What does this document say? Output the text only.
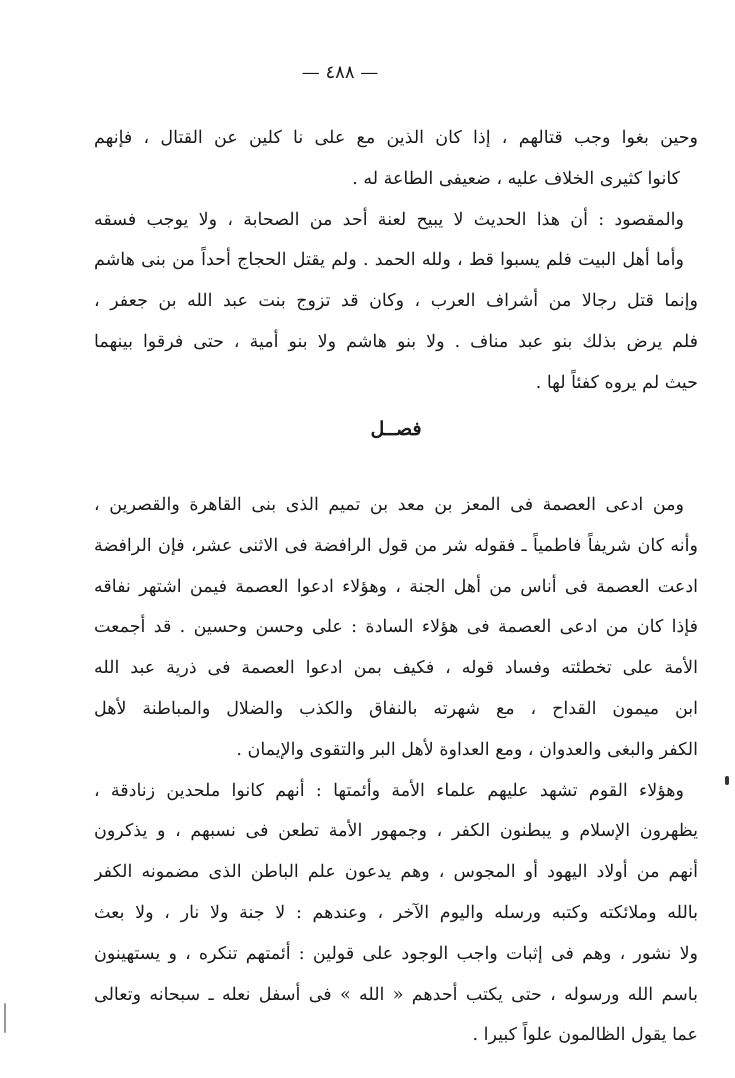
— ٤٨٨ —
وحين بغوا وجب قتالهم ، إذا كان الذين مع على نا كلين عن القتال ، فإنهم
كانوا كثيرى الخلاف عليه ، ضعيفى الطاعة له .
والمقصود : أن هذا الحديث لا يبيح لعنة أحد من الصحابة ، ولا يوجب فسقه
وأما أهل البيت فلم يسبوا قط ، ولله الحمد . ولم يقتل الحجاج أحداً من بنى هاشم
وإنما قتل رجالا من أشراف العرب ، وكان قد تزوج بنت عبد الله بن جعفر ،
فلم يرض بذلك بنو عبد مناف . ولا بنو هاشم ولا بنو أمية ، حتى فرقوا بينهما
حيث لم يروه كفئاً لها .
فصــل
ومن ادعى العصمة فى المعز بن معد بن تميم الذى بنى القاهرة والقصرين ،
وأنه كان شريفاً فاطمياً ـ فقوله شر من قول الرافضة فى الاثنى عشر، فإن الرافضة
ادعت العصمة فى أناس من أهل الجنة ، وهؤلاء ادعوا العصمة فيمن اشتهر نفاقه
فإذا كان من ادعى العصمة فى هؤلاء السادة : على وحسن وحسين . قد أجمعت
الأمة على تخطئته وفساد قوله ، فكيف بمن ادعوا العصمة فى ذرية عبد الله
ابن ميمون القداح ، مع شهرته بالنفاق والكذب والضلال والمباطنة لأهل
الكفر والبغى والعدوان ، ومع العداوة لأهل البر والتقوى والإيمان .
وهؤلاء القوم تشهد عليهم علماء الأمة وأئمتها : أنهم كانوا ملحدين زنادقة ،
يظهرون الإسلام و يبطنون الكفر ، وجمهور الأمة تطعن فى نسبهم ، و يذكرون
أنهم من أولاد اليهود أو المجوس ، وهم يدعون علم الباطن الذى مضمونه الكفر
بالله وملائكته وكتبه ورسله واليوم الآخر ، وعندهم : لا جنة ولا نار ، ولا بعث
ولا نشور ، وهم فى إثبات واجب الوجود على قولين : أئمتهم تنكره ، و يستهينون
باسم الله ورسوله ، حتى يكتب أحدهم « الله » فى أسفل نعله ـ سبحانه وتعالى
عما يقول الظالمون علواً كبيرا .
